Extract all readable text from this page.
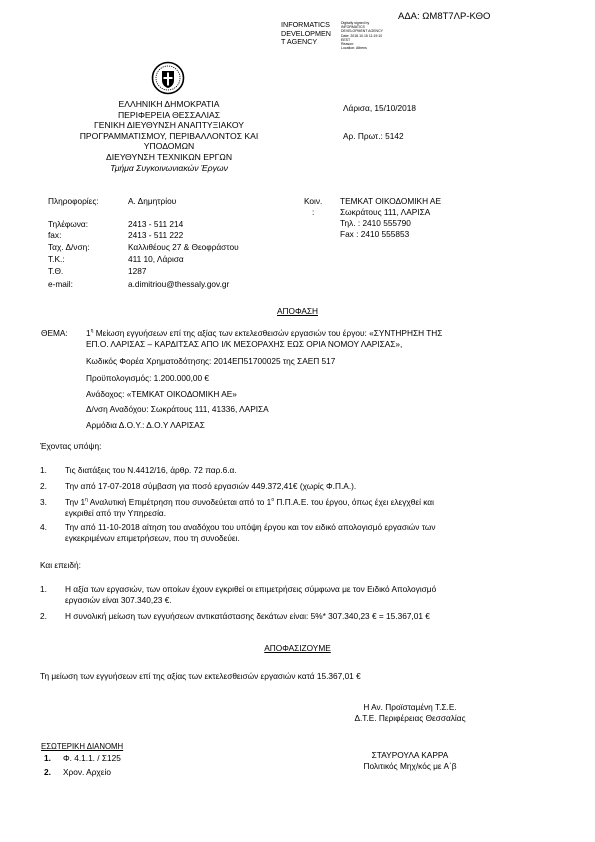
ΑΔΑ: ΩΜ8Τ7ΛΡ-ΚΘΟ
INFORMATICS
DEVELOPMEN
T AGENCY
Digitally signed by
INFORMATICS
DEVELOPMENT AGENCY
Date: 2018.10.15 11:19:10
EEST
Reason:
Location: Athens
ΕΛΛΗΝΙΚΗ ΔΗΜΟΚΡΑΤΙΑ
ΠΕΡΙΦΕΡΕΙΑ ΘΕΣΣΑΛΙΑΣ
ΓΕΝΙΚΗ ΔΙΕΥΘΥΝΣΗ ΑΝΑΠΤΥΞΙΑΚΟΥ
ΠΡΟΓΡΑΜΜΑΤΙΣΜΟΥ, ΠΕΡΙΒΑΛΛΟΝΤΟΣ ΚΑΙ
ΥΠΟΔΟΜΩΝ
ΔΙΕΥΘΥΝΣΗ ΤΕΧΝΙΚΩΝ ΕΡΓΩΝ
Τμήμα Συγκοινωνιακών Έργων
Λάρισα, 15/10/2018
Αρ. Πρωτ.: 5142
Πληροφορίες:	Α. Δημητρίου
Τηλέφωνα:	2413 - 511 214
fax:	2413 - 511 222
Ταχ. Δ/νση:	Καλλιθέους 27 & Θεοφράστου
Τ.Κ.:	411 10, Λάρισα
Τ.Θ.	1287
e-mail:	a.dimitriou@thessaly.gov.gr
Κοιν.
:
ΤΕΜΚΑΤ ΟΙΚΟΔΟΜΙΚΗ ΑΕ
Σωκράτους 111, ΛΑΡΙΣΑ
Τηλ. : 2410 555790
Fax : 2410 555853
ΑΠΟΦΑΣΗ
ΘΕΜΑ: $1^\eta$ Μείωση εγγυήσεων επί της αξίας των εκτελεσθεισών εργασιών του έργου: «ΣΥΝΤΗΡΗΣΗ ΤΗΣ
ΕΠ.Ο. ΛΑΡΙΣΑΣ – ΚΑΡΔΙΤΣΑΣ ΑΠΟ Ι/Κ ΜΕΣΟΡΑΧΗΣ ΕΩΣ ΟΡΙΑ ΝΟΜΟΥ ΛΑΡΙΣΑΣ»,
Κωδικός Φορέα Χρηματοδότησης: 2014ΕΠ51700025 της ΣΑΕΠ 517
Προϋπολογισμός: 1.200.000,00 €
Ανάδοχος: «ΤΕΜΚΑΤ ΟΙΚΟΔΟΜΙΚΗ ΑΕ»
Δ/νση Αναδόχου: Σωκράτους 111, 41336, ΛΑΡΙΣΑ
Αρμόδια Δ.Ο.Υ.: Δ.Ο.Υ ΛΑΡΙΣΑΣ
Έχοντας υπόψη:
1. Τις διατάξεις του Ν.4412/16, άρθρ. 72 παρ.6.α.
2. Την από 17-07-2018 σύμβαση για ποσό εργασιών 449.372,41€ (χωρίς Φ.Π.Α.).
3. Την $1^\eta$ Αναλυτική Επιμέτρηση που συνοδεύεται από το $1^o$ Π.Π.Α.Ε. του έργου, όπως έχει ελεγχθεί και
εγκριθεί από την Υπηρεσία.
4. Την από 11-10-2018 αίτηση του αναδόχου του υπόψη έργου και τον ειδικό απολογισμό εργασιών των
εγκεκριμένων επιμετρήσεων, που τη συνοδεύει.
Και επειδή:
1. Η αξία των εργασιών, των οποίων έχουν εγκριθεί οι επιμετρήσεις σύμφωνα με τον Ειδικό Απολογισμό
εργασιών είναι 307.340,23 €.
2. Η συνολική μείωση των εγγυήσεων αντικατάστασης δεκάτων είναι: 5%* 307.340,23 € = 15.367,01 €
ΑΠΟΦΑΣΙΖΟΥΜΕ
Τη μείωση των εγγυήσεων επί της αξίας των εκτελεσθεισών εργασιών κατά 15.367,01 €
Η Αν. Προϊσταμένη Τ.Σ.Ε.
Δ.Τ.Ε. Περιφέρειας Θεσσαλίας
ΣΤΑΥΡΟΥΛΑ ΚΑΡΡΑ
Πολιτικός Μηχ/κός με Α΄β
ΕΣΩΤΕΡΙΚΗ ΔΙΑΝΟΜΗ
1. Φ. 4.1.1. / Σ125
2. Χρον. Αρχείο
